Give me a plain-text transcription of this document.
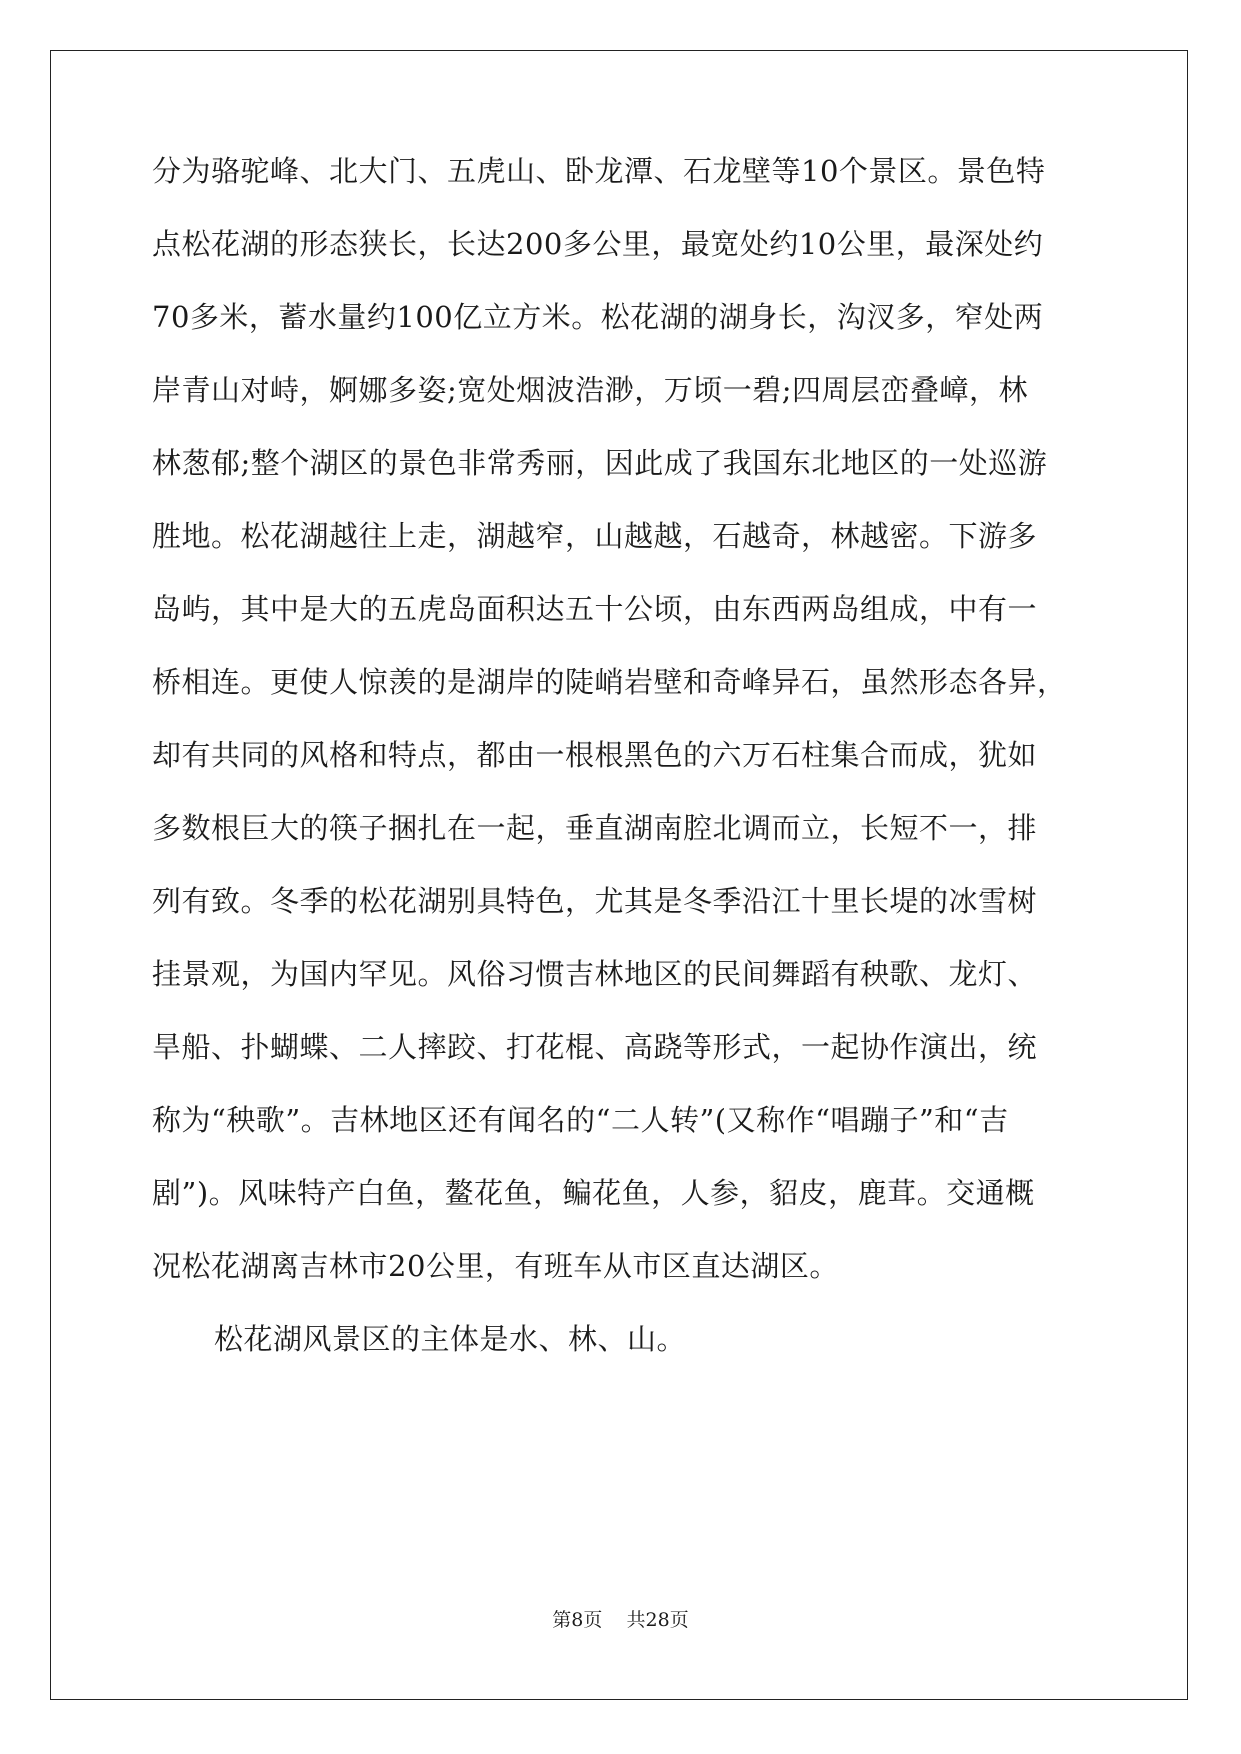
分为骆驼峰、北大门、五虎山、卧龙潭、石龙壁等10个景区。景色特
点松花湖的形态狭长，长达200多公里，最宽处约10公里，最深处约
70多米，蓄水量约100亿立方米。松花湖的湖身长，沟汊多，窄处两
岸青山对峙，婀娜多姿;宽处烟波浩渺，万顷一碧;四周层峦叠嶂，林
林葱郁;整个湖区的景色非常秀丽，因此成了我国东北地区的一处巡游
胜地。松花湖越往上走，湖越窄，山越越，石越奇，林越密。下游多
岛屿，其中是大的五虎岛面积达五十公顷，由东西两岛组成，中有一
桥相连。更使人惊羡的是湖岸的陡峭岩壁和奇峰异石，虽然形态各异，
却有共同的风格和特点，都由一根根黑色的六万石柱集合而成，犹如
多数根巨大的筷子捆扎在一起，垂直湖南腔北调而立，长短不一，排
列有致。冬季的松花湖别具特色，尤其是冬季沿江十里长堤的冰雪树
挂景观，为国内罕见。风俗习惯吉林地区的民间舞蹈有秧歌、龙灯、
旱船、扑蝴蝶、二人摔跤、打花棍、高跷等形式，一起协作演出，统
称为“秧歌”。吉林地区还有闻名的“二人转”(又称作“唱蹦子”和“吉
剧”)。风味特产白鱼，鳌花鱼，鳊花鱼，人参，貂皮，鹿茸。交通概
况松花湖离吉林市20公里，有班车从市区直达湖区。
松花湖风景区的主体是水、林、山。
第8页    共28页
